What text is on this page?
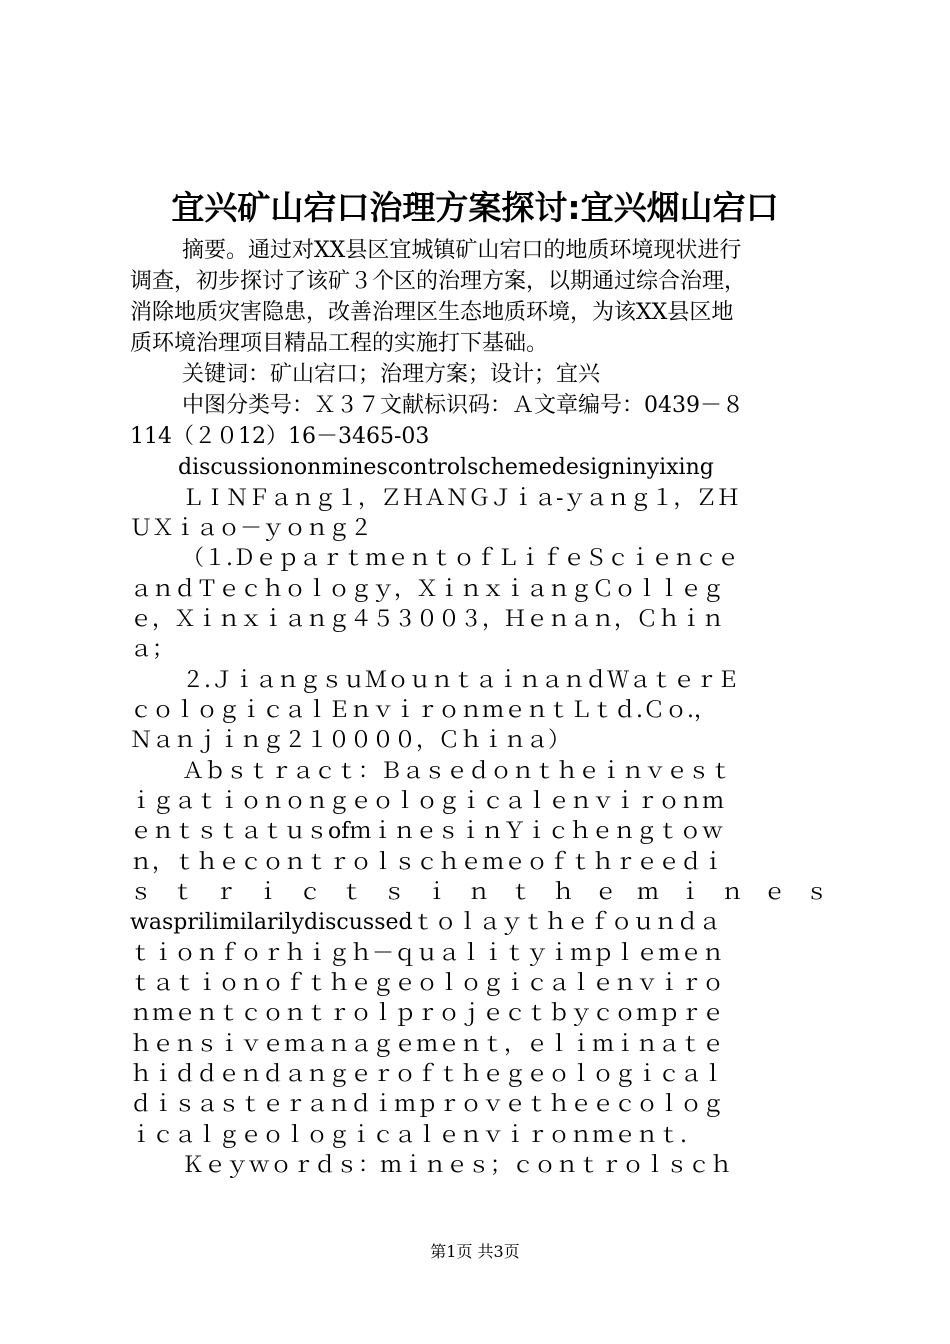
宜兴矿山宕口治理方案探讨:宜兴烟山宕口
摘要。通过对XX县区宜城镇矿山宕口的地质环境现状进行
调查，初步探讨了该矿３个区的治理方案，以期通过综合治理，
消除地质灾害隐患，改善治理区生态地质环境，为该XX县区地
质环境治理项目精品工程的实施打下基础。
关键词：矿山宕口；治理方案；设计；宜兴
中图分类号：Ｘ３７文献标识码：Ａ文章编号：0439－８
114（２０12）16－3465-03
discussiononminescontrolschemedesigninyixing
ＬＩＮＦａｎｇ１，ＺＨＡＮＧＪｉａ-ｙａｎｇ１，ＺＨ
ＵＸｉａｏ－ｙｏｎｇ２
（１.ＤｅｐａｒｔｍｅｎｔｏｆＬｉｆｅＳｃｉｅｎｃｅ
ａｎｄＴｅｃｈｏｌｏｇｙ，ＸｉｎｘｉａｎｇＣｏｌｌｅｇ
ｅ，Ｘｉｎｘｉａｎｇ４５３００３，Ｈｅｎａｎ，Ｃｈｉｎ
ａ；
２.ＪｉａｎｇｓｕＭｏｕｎｔａｉｎａｎｄＷａｔｅｒＥ
ｃｏｌｏｇｉｃａｌＥｎｖｉｒｏｎｍｅｎｔＬｔｄ.Ｃｏ.，
Ｎａｎｊｉｎｇ２１００００，Ｃｈｉｎａ）
Ａｂｓｔｒａｃｔ：Ｂａｓｅｄｏｎｔｈｅｉｎｖｅｓｔ
ｉｇａｔｉｏｎｏｎｇｅｏｌｏｇｉｃａｌｅｎｖｉｒｏｎｍ
ｅｎｔｓｔａｔｕｓofｍｉｎｅｓｉｎＹｉｃｈｅｎｇｔｏｗ
ｎ，ｔｈｅｃｏｎｔｒｏｌｓｃｈｅｍｅｏｆｔｈｒｅｅｄｉ
ｓ ｔ ｒ ｉ ｃ ｔ ｓ ｉ ｎ ｔ ｈ ｅ ｍ ｉ ｎ ｅ ｓ
wasprilimilarilydiscussedｔｏｌａｙｔｈｅｆｏｕｎｄａ
ｔｉｏｎｆｏｒｈｉｇｈ－ｑｕａｌｉｔｙｉｍｐｌｅｍｅｎ
ｔａｔｉｏｎｏｆｔｈｅｇｅｏｌｏｇｉｃａｌｅｎｖｉｒｏ
ｎｍｅｎｔｃｏｎｔｒｏｌｐｒｏｊｅｃｔｂｙｃｏｍｐｒｅ
ｈｅｎｓｉｖｅｍａｎａｇｅｍｅｎｔ，ｅｌｉｍｉｎａｔｅ
ｈｉｄｄｅｎｄａｎｇｅｒｏｆｔｈｅｇｅｏｌｏｇｉｃａｌ
ｄｉｓａｓｔｅｒａｎｄｉｍｐｒｏｖｅｔｈｅｅｃｏｌｏｇ
ｉｃａｌｇｅｏｌｏｇｉｃａｌｅｎｖｉｒｏｎｍｅｎｔ.
Ｋｅｙｗｏｒｄｓ：ｍｉｎｅｓ；ｃｏｎｔｒｏｌｓｃｈ
第1页 共3页
